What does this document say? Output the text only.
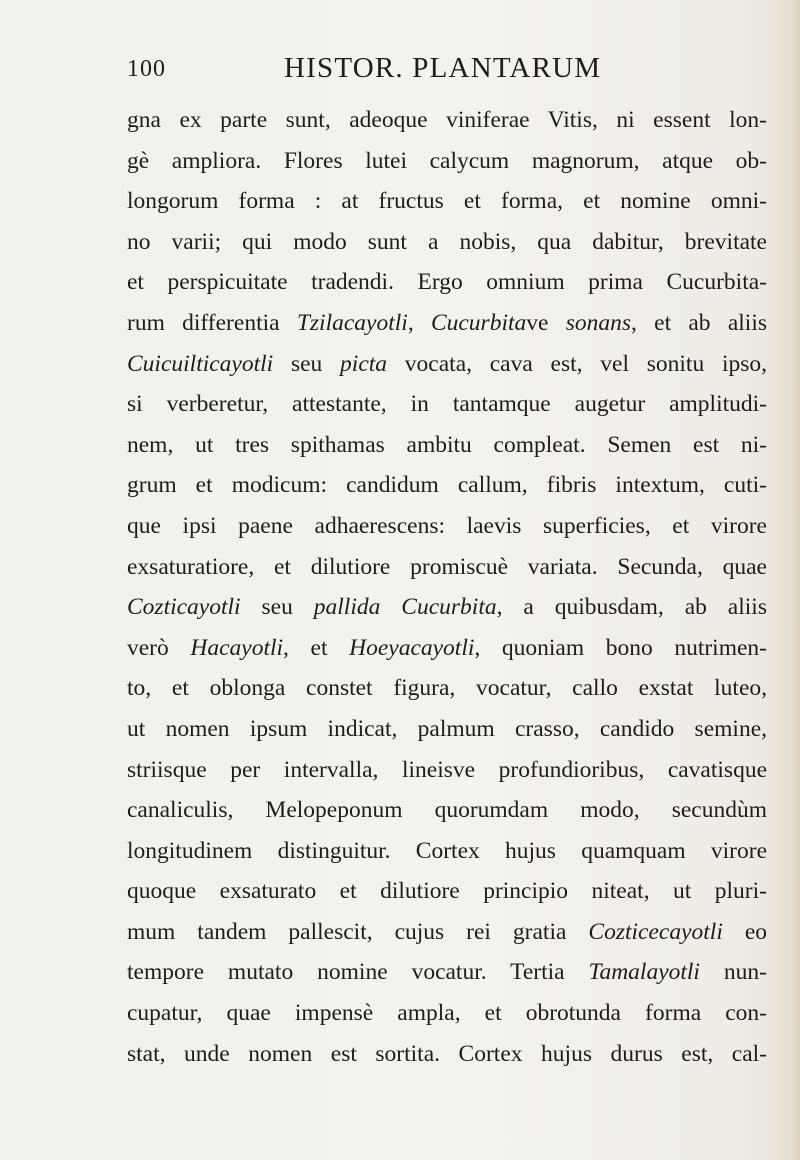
100	HISTOR. PLANTARUM
gna ex parte sunt, adeoque viniferae Vitis, ni essent lon-
gè ampliora. Flores lutei calycum magnorum, atque ob-
longorum forma : at fructus et forma, et nomine omni-
no varii; qui modo sunt a nobis, qua dabitur, brevitate
et perspicuitate tradendi. Ergo omnium prima Cucurbita-
rum differentia Tzilacayotli, Cucurbitave sonans, et ab aliis
Cuicuilticayotli seu picta vocata, cava est, vel sonitu ipso,
si verberetur, attestante, in tantamque augetur amplitudi-
nem, ut tres spithamas ambitu compleat. Semen est ni-
grum et modicum: candidum callum, fibris intextum, cuti-
que ipsi paene adhaerescens: laevis superficies, et virore
exsaturatiore, et dilutiore promiscuè variata. Secunda, quae
Cozticayotli seu pallida Cucurbita, a quibusdam, ab aliis
verò Hacayotli, et Hoeyacayotli, quoniam bono nutrimen-
to, et oblonga constet figura, vocatur, callo exstat luteo,
ut nomen ipsum indicat, palmum crasso, candido semine,
striisque per intervalla, lineisve profundioribus, cavatisque
canaliculis, Melopeponum quorumdam modo, secundùm
longitudinem distinguitur. Cortex hujus quamquam virore
quoque exsaturato et dilutiore principio niteat, ut pluri-
mum tandem pallescit, cujus rei gratia Cozticecayotli eo
tempore mutato nomine vocatur. Tertia Tamalayotli nun-
cupatur, quae impensè ampla, et obrotunda forma con-
stat, unde nomen est sortita. Cortex hujus durus est, cal-
